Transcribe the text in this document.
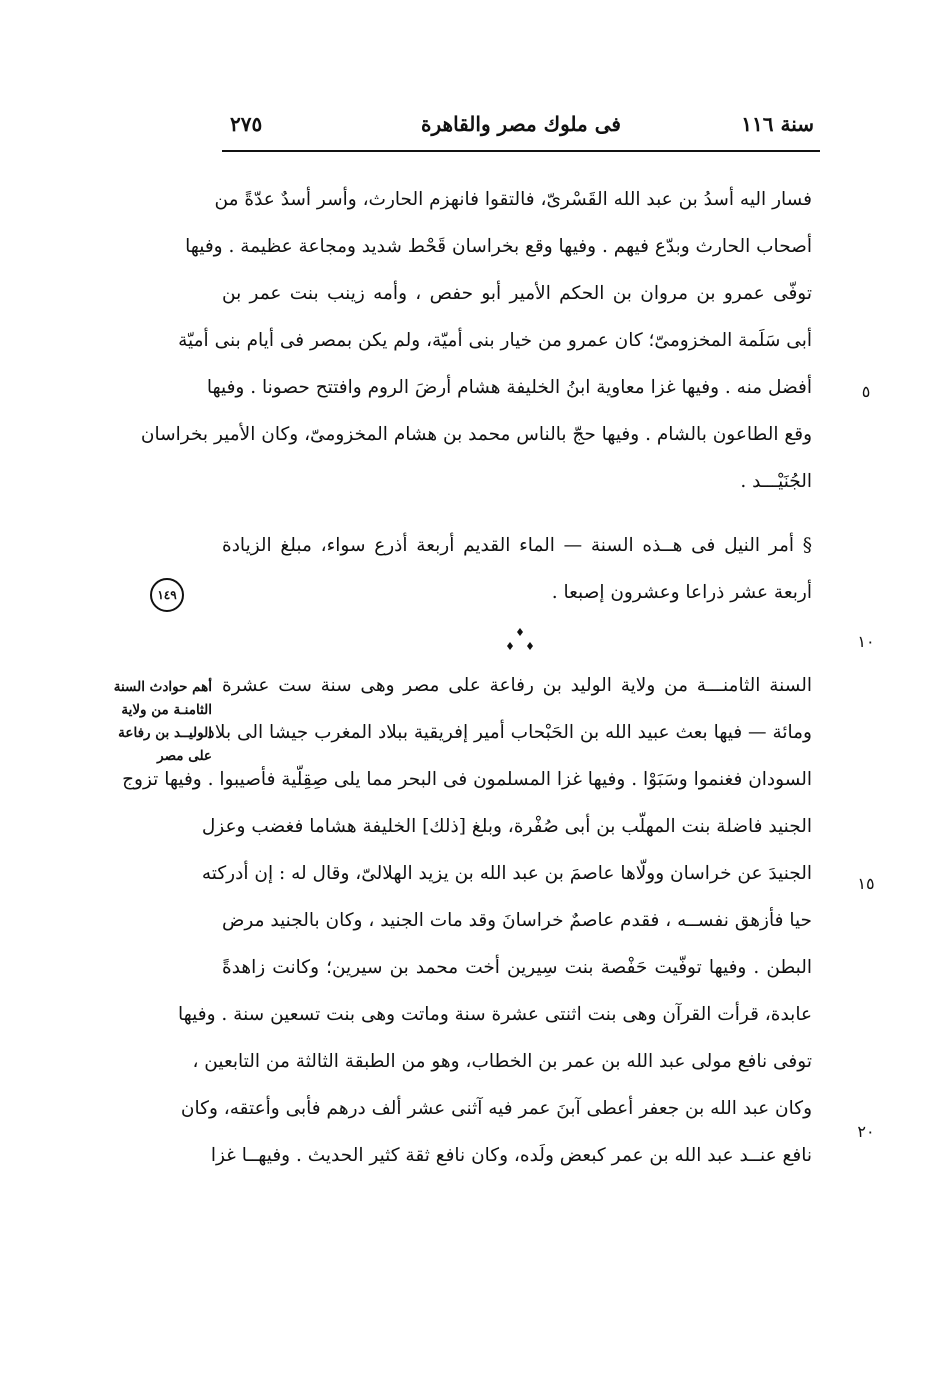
سنة ١١٦
فى ملوك مصر والقاهرة
٢٧٥
فسار اليه أسدُ بن عبد الله القَسْرىّ، فالتقوا فانهزم الحارث، وأسر أسدٌ عدّةً من
أصحاب الحارث وبدّع فيهم . وفيها وقع بخراسان قَحْط شديد ومجاعة عظيمة . وفيها
توفّى عمرو بن مروان بن الحكم الأمير أبو حفص ، وأمه زينب بنت عمر بن
أبى سَلَمة المخزومىّ؛ كان عمرو من خيار بنى أميّة، ولم يكن بمصر فى أيام بنى أميّة
أفضل منه . وفيها غزا معاوية ابنُ الخليفة هشام أرضَ الروم وافتتح حصونا . وفيها
وقع الطاعون بالشام . وفيها حجّ بالناس محمد بن هشام المخزومىّ، وكان الأمير بخراسان
الجُنَيْـــد .
§ أمر النيل فى هــذه السنة — الماء القديم أربعة أذرع سواء، مبلغ الزيادة
أربعة عشر ذراعا وعشرون إصبعا .
السنة الثامنـــة من ولاية الوليد بن رفاعة على مصر وهى سنة ست عشرة
ومائة — فيها بعث عبيد الله بن الحَبْحاب أمير إفريقية ببلاد المغرب جيشا الى بلاد
السودان فغنموا وسَبَوْا . وفيها غزا المسلمون فى البحر مما يلى صِقِلّية فأصيبوا . وفيها تزوج
الجنيد فاضلة بنت المهلّب بن أبى صُفْرة، وبلغ [ذلك] الخليفة هشاما فغضب وعزل
الجنيدَ عن خراسان وولّاها عاصمَ بن عبد الله بن يزيد الهلالىّ، وقال له : إن أدركته
حيا فأزهق نفســه ، فقدم عاصمٌ خراسانَ وقد مات الجنيد ، وكان بالجنيد مرض
البطن . وفيها توفّيت حَفْصة بنت سِيرين أخت محمد بن سيرين؛ وكانت زاهدةً
عابدة، قرأت القرآن وهى بنت اثنتى عشرة سنة وماتت وهى بنت تسعين سنة . وفيها
توفى نافع مولى عبد الله بن عمر بن الخطاب، وهو من الطبقة الثالثة من التابعين ،
وكان عبد الله بن جعفر أعطى آبنَ عمر فيه آثنى عشر ألف درهم فأبى وأعتقه، وكان
نافع عنــد عبد الله بن عمر كبعض ولَده، وكان نافع ثقة كثير الحديث . وفيهــا غزا
٥
١٠
١٥
٢٠
١٤٩
أهم حوادث السنة
الثامنـة من ولاية
الوليــد بن رفاعة
على مصر
